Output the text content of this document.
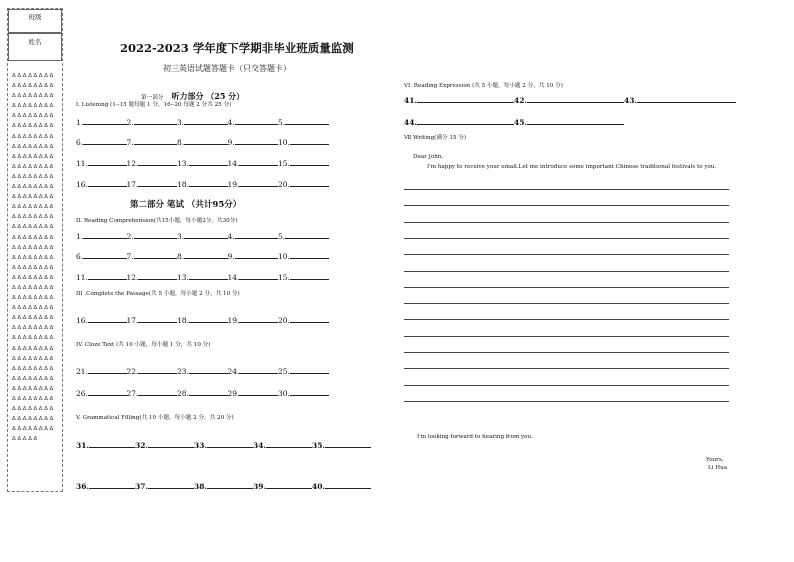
班级
姓名
ΔΔΔΔΔΔΔΔΔΔΔΔΔΔΔΔΔΔΔΔΔΔΔΔΔΔΔΔΔΔΔΔΔΔΔΔΔΔΔΔΔΔΔΔΔΔΔΔΔΔΔΔΔΔΔΔΔΔΔΔΔΔΔΔΔΔΔΔΔΔΔΔΔΔΔΔΔΔΔΔΔΔΔΔΔΔΔΔΔΔΔΔΔΔΔΔΔΔΔΔΔΔΔΔΔΔΔΔΔΔΔΔΔΔΔΔΔΔΔΔΔΔΔΔΔΔΔΔΔΔΔΔΔΔΔΔΔΔΔΔΔΔΔΔΔΔΔΔΔΔΔΔΔΔΔΔΔΔΔΔΔΔΔΔΔΔΔΔΔΔΔΔΔΔΔΔΔΔΔΔΔΔΔΔΔΔΔΔΔΔΔΔΔΔΔΔΔΔΔΔΔΔΔΔΔΔΔΔΔΔΔΔΔΔΔΔΔΔΔΔΔΔΔΔΔΔΔΔΔΔΔΔΔΔΔΔΔΔΔΔΔΔΔΔΔΔΔΔΔΔΔΔΔΔΔΔΔΔΔΔΔΔΔΔΔΔΔΔΔΔΔΔΔΔΔΔΔΔΔΔΔΔΔΔΔΔΔΔΔΔΔΔΔ
2022-2023 学年度下学期非毕业班质量监测
初三英语试题答题卡（只交答题卡）
第一部分 听力部分 （25 分）
I. Listening (1--15 题每题 1 分，16--20 每题 2 分共 25 分)
1.	2.	3.	4.	5.
6.	7.	8.	9.	10.
11.	12.	13.	14.	15.
16.	17.	18.	19.	20.
第二部分 笔试 （共计95分）
II. Reading Comprehension(共15小题，每小题2分，共30分)
1.	2.	3.	4.	5.
6.	7.	8.	9.	10.
11.	12.	13.	14.	15.
III .Complete the Passage(共 5 小题，每小题 2 分，共 10 分)
16.	17.	18.	19.	20.
IV. Cloze Text (共 10 小题，每小题 1 分，共 10 分)
21.	22.	23.	24.	25.
26.	27.	28.	29.	30.
V. Grammatical Filling(共 10 小题，每小题 2 分，共 20 分)
31.	32.	33.	34.	35.
36.	37.	38.	39.	40.
VI. Reading Expression (共 5 小题，每小题 2 分，共 10 分)
41.	42.	43.
44.	45.
Ⅶ Writing(满分 15 分)
Dear John,
I'm happy to receive your email.Let me introduce some important Chinese traditional festivals to you.
I'm looking forward to hearing from you.
Yours，
Li Hua
